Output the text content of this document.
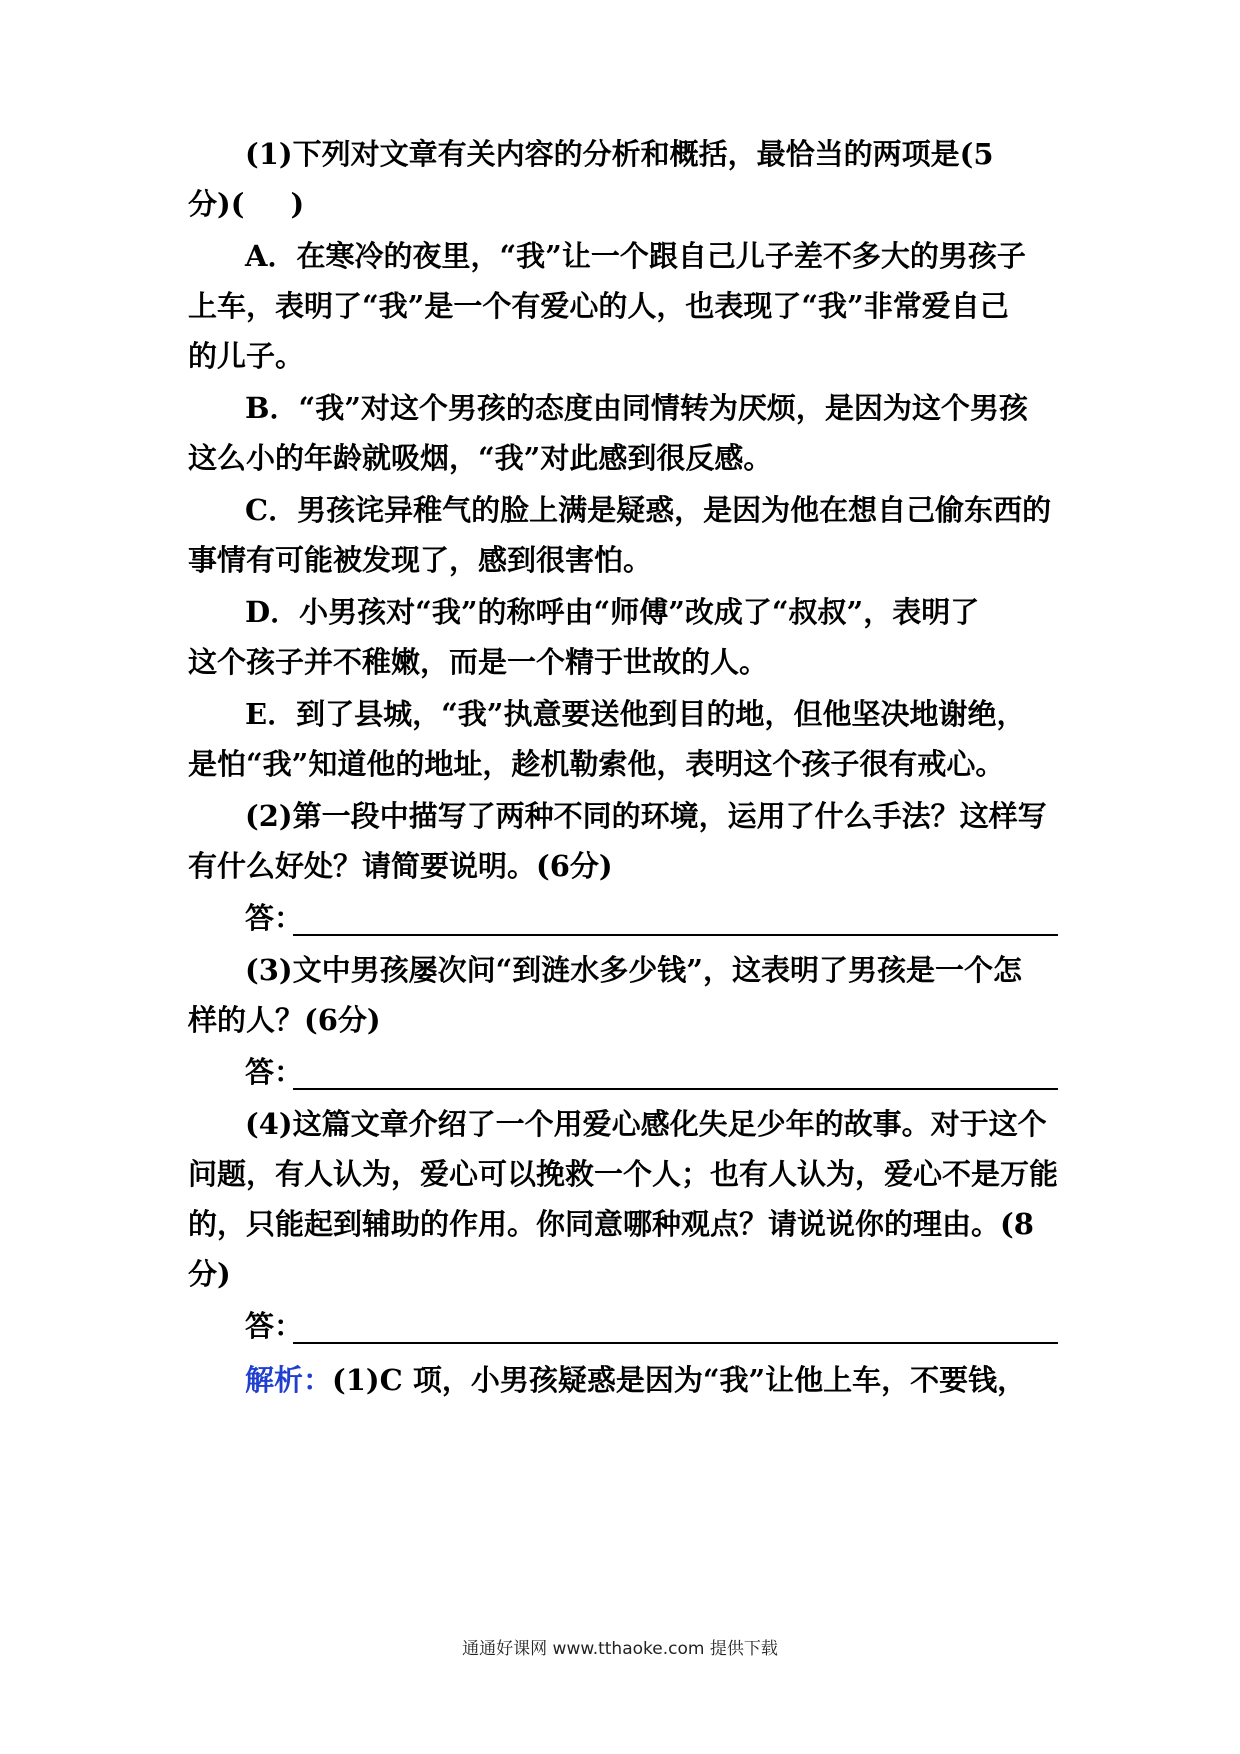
(1)下列对文章有关内容的分析和概括，最恰当的两项是(5
分)( )
A．在寒冷的夜里，“我”让一个跟自己儿子差不多大的男孩子
上车，表明了“我”是一个有爱心的人，也表现了“我”非常爱自己
的儿子。
B．“我”对这个男孩的态度由同情转为厌烦，是因为这个男孩
这么小的年龄就吸烟，“我”对此感到很反感。
C．男孩诧异稚气的脸上满是疑惑，是因为他在想自己偷东西的
事情有可能被发现了，感到很害怕。
D．小男孩对“我”的称呼由“师傅”改成了“叔叔”，表明了
这个孩子并不稚嫩，而是一个精于世故的人。
E．到了县城，“我”执意要送他到目的地，但他坚决地谢绝，
是怕“我”知道他的地址，趁机勒索他，表明这个孩子很有戒心。
(2)第一段中描写了两种不同的环境，运用了什么手法？这样写
有什么好处？请简要说明。(6分)
答：
(3)文中男孩屡次问“到涟水多少钱”，这表明了男孩是一个怎
样的人？(6分)
答：
(4)这篇文章介绍了一个用爱心感化失足少年的故事。对于这个
问题，有人认为，爱心可以挽救一个人；也有人认为，爱心不是万能
的，只能起到辅助的作用。你同意哪种观点？请说说你的理由。(8
分)
答：
解析：(1)C 项，小男孩疑惑是因为“我”让他上车，不要钱，
通通好课网 www.tthaoke.com 提供下载
